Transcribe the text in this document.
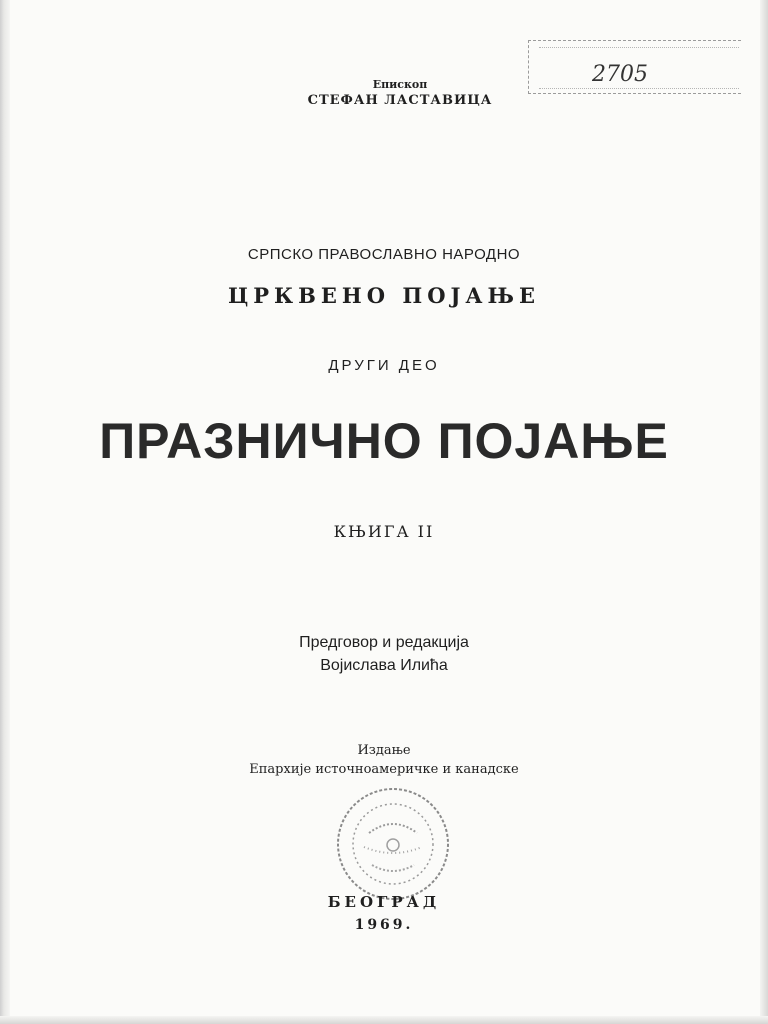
2705
Епископ
СТЕФАН ЛАСТАВИЦА
СРПСКО ПРАВОСЛАВНО НАРОДНО
ЦРКВЕНО ПОЈАЊЕ
ДРУГИ ДЕО
ПРАЗНИЧНО ПОЈАЊЕ
КЊИГА II
Предговор и редакција
Војислава Илића
Издање
Епархије источноамеричке и канадске
БЕОГРАД
1969.
